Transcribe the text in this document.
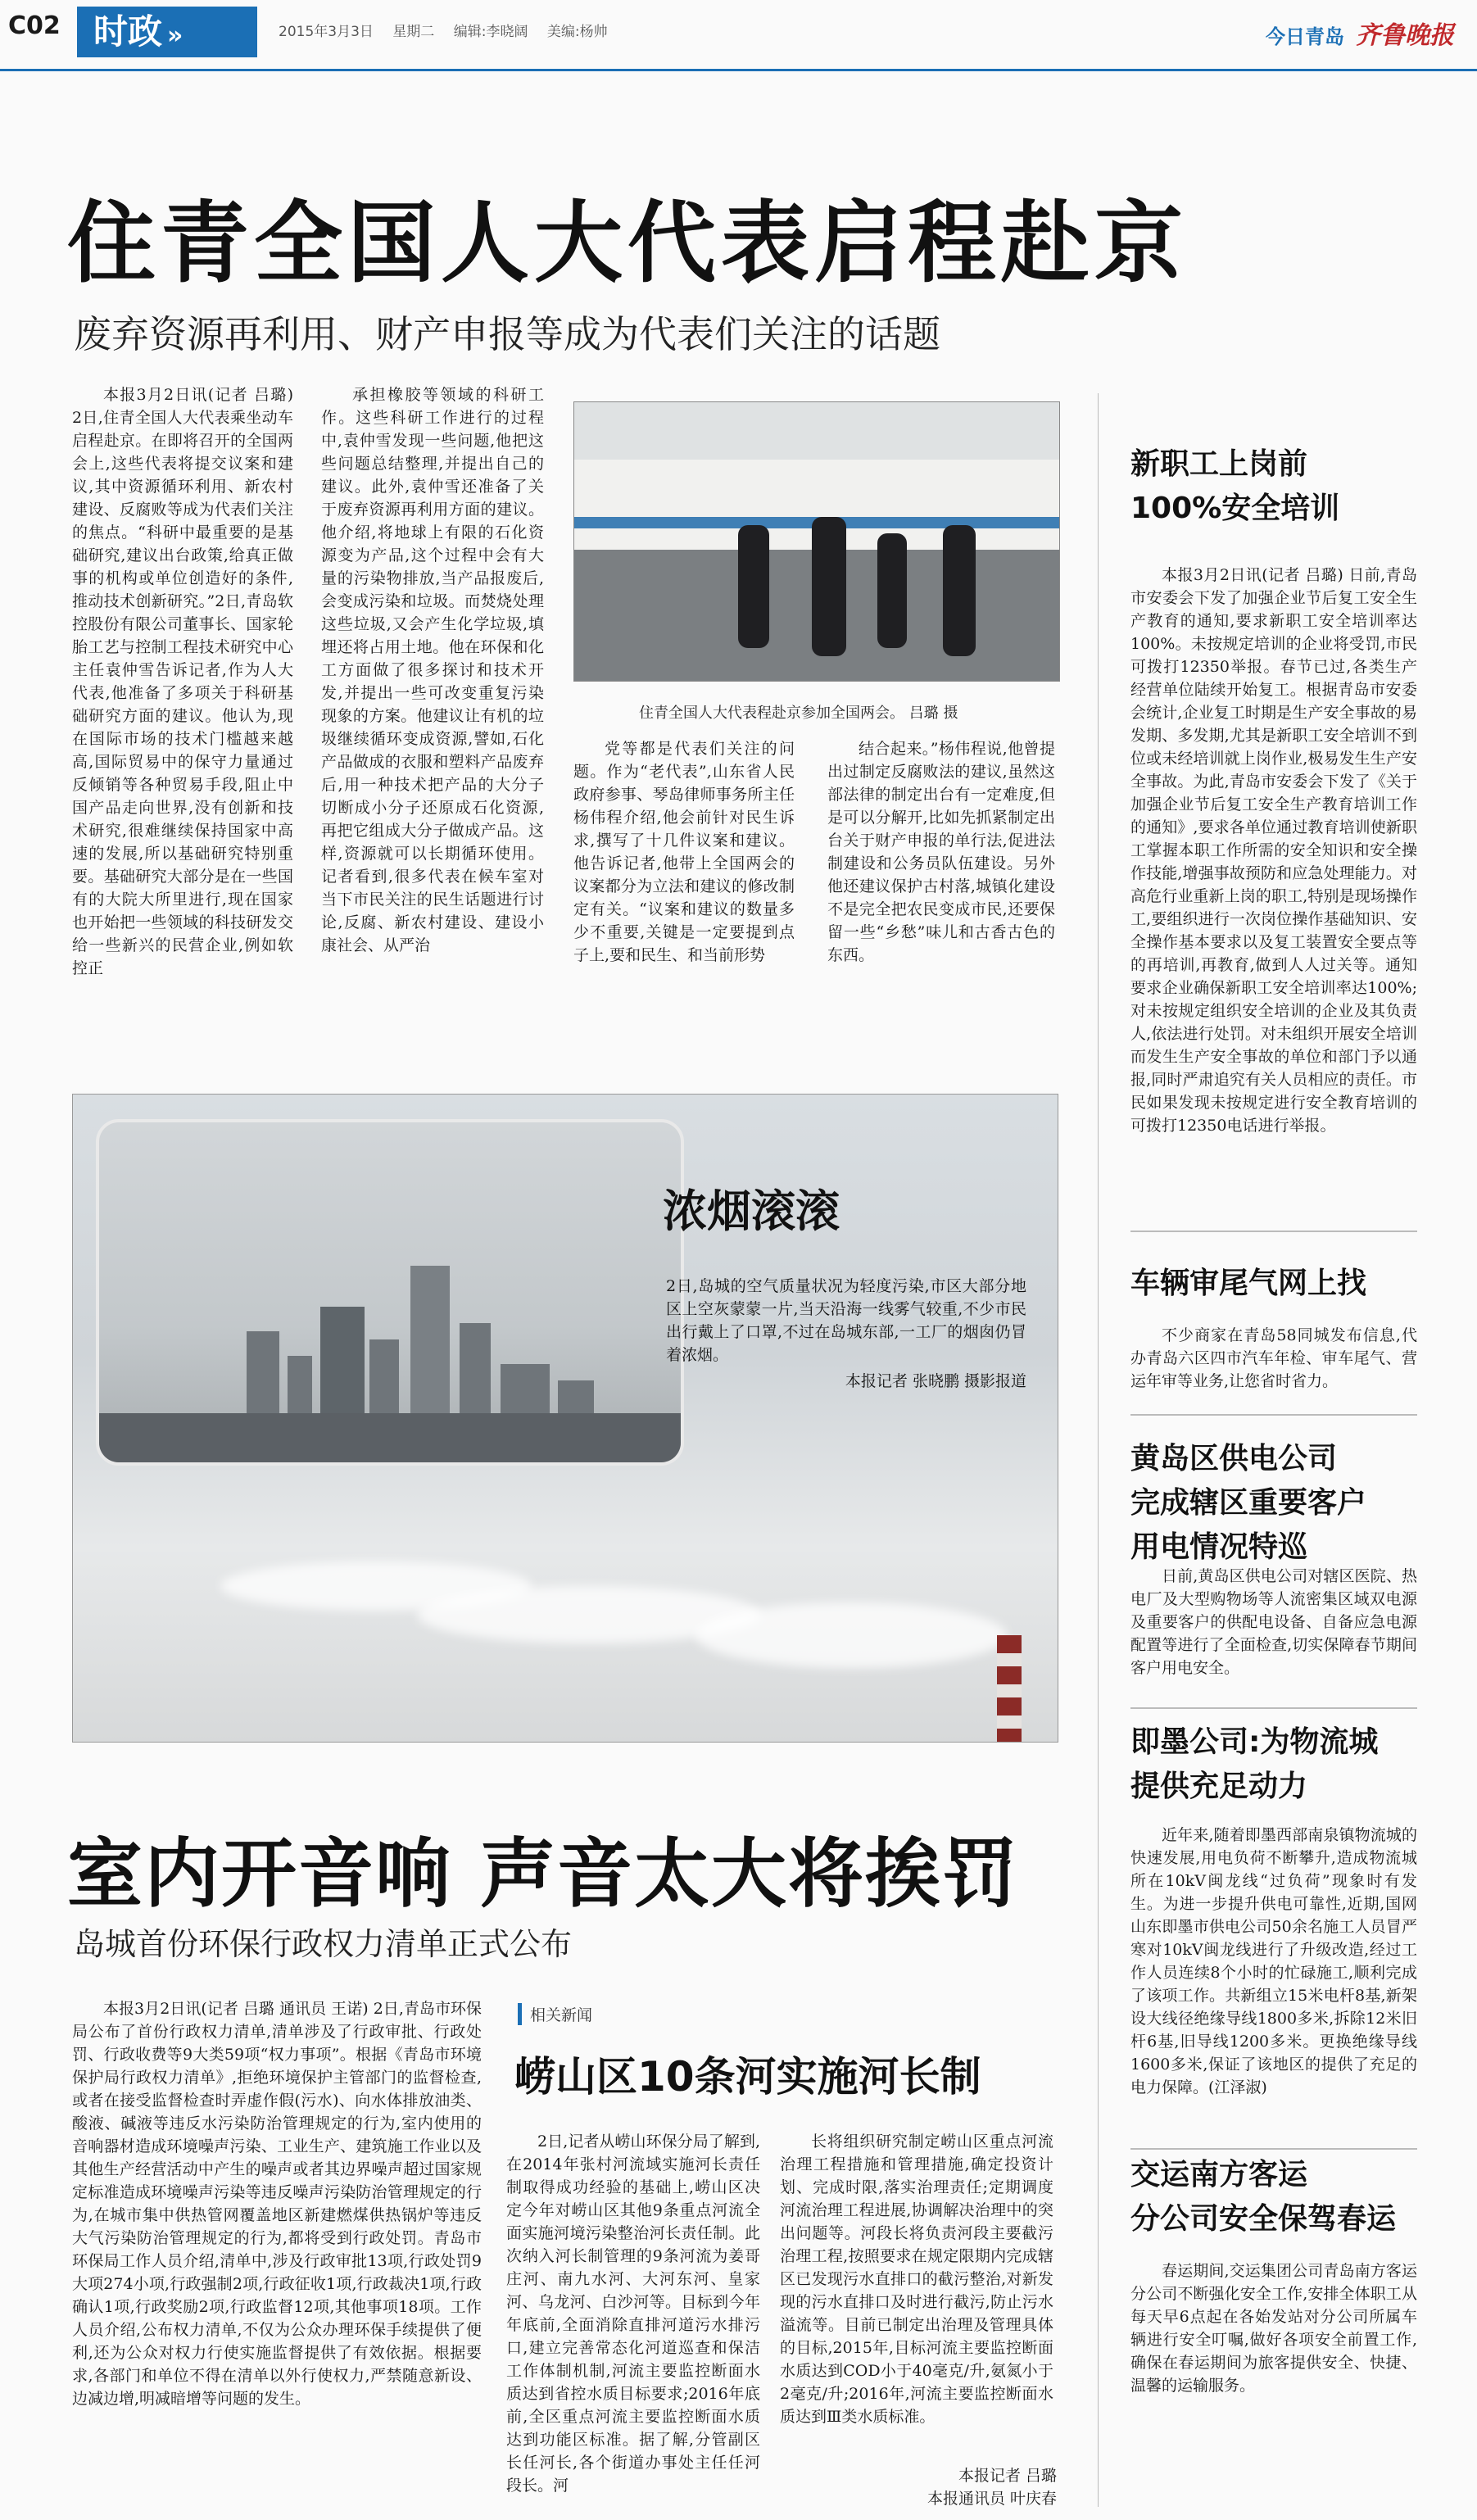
C02 时政 »	2015年3月3日 星期二 编辑:李晓阔 美编:杨帅	今日青岛 齐鲁晚报
住青全国人大代表启程赴京
废弃资源再利用、财产申报等成为代表们关注的话题

本报3月2日讯(记者 吕璐) 2日,住青全国人大代表乘坐动车启程赴京。在即将召开的全国两会上,这些代表将提交议案和建议,其中资源循环利用、新农村建设、反腐败等成为代表们关注的焦点。“科研中最重要的是基础研究,建议出台政策,给真正做事的机构或单位创造好的条件,推动技术创新研究。”2日,青岛软控股份有限公司董事长、国家轮胎工艺与控制工程技术研究中心主任袁仲雪告诉记者,作为人大代表,他准备了多项关于科研基础研究方面的建议。他认为,现在国际市场的技术门槛越来越高,国际贸易中的保守力量通过反倾销等各种贸易手段,阻止中国产品走向世界,没有创新和技术研究,很难继续保持国家中高速的发展,所以基础研究特别重要。基础研究大部分是在一些国有的大院大所里进行,现在国家也开始把一些领域的科技研发交给一些新兴的民营企业,例如软控正

承担橡胶等领域的科研工作。这些科研工作进行的过程中,袁仲雪发现一些问题,他把这些问题总结整理,并提出自己的建议。此外,袁仲雪还准备了关于废弃资源再利用方面的建议。他介绍,将地球上有限的石化资源变为产品,这个过程中会有大量的污染物排放,当产品报废后,会变成污染和垃圾。而焚烧处理这些垃圾,又会产生化学垃圾,填埋还将占用土地。他在环保和化工方面做了很多探讨和技术开发,并提出一些可改变重复污染现象的方案。他建议让有机的垃圾继续循环变成资源,譬如,石化产品做成的衣服和塑料产品废弃后,用一种技术把产品的大分子切断成小分子还原成石化资源,再把它组成大分子做成产品。这样,资源就可以长期循环使用。记者看到,很多代表在候车室对当下市民关注的民生话题进行讨论,反腐、新农村建设、建设小康社会、从严治

住青全国人大代表程赴京参加全国两会。 吕璐 摄

党等都是代表们关注的问题。作为“老代表”,山东省人民政府参事、琴岛律师事务所主任杨伟程介绍,他会前针对民生诉求,撰写了十几件议案和建议。他告诉记者,他带上全国两会的议案都分为立法和建议的修改制定有关。“议案和建议的数量多少不重要,关键是一定要提到点子上,要和民生、和当前形势

结合起来。”杨伟程说,他曾提出过制定反腐败法的建议,虽然这部法律的制定出台有一定难度,但是可以分解开,比如先抓紧制定出台关于财产申报的单行法,促进法制建设和公务员队伍建设。另外他还建议保护古村落,城镇化建设不是完全把农民变成市民,还要保留一些“乡愁”味儿和古香古色的东西。

浓烟滚滚
2日,岛城的空气质量状况为轻度污染,市区大部分地区上空灰蒙蒙一片,当天沿海一线雾气较重,不少市民出行戴上了口罩,不过在岛城东部,一工厂的烟囱仍冒着浓烟。

本报记者 张晓鹏 摄影报道
室内开音响 声音太大将挨罚
岛城首份环保行政权力清单正式公布

本报3月2日讯(记者 吕璐 通讯员 王诺) 2日,青岛市环保局公布了首份行政权力清单,清单涉及了行政审批、行政处罚、行政收费等9大类59项“权力事项”。根据《青岛市环境保护局行政权力清单》,拒绝环境保护主管部门的监督检查,或者在接受监督检查时弄虚作假(污水)、向水体排放油类、酸液、碱液等违反水污染防治管理规定的行为,室内使用的音响器材造成环境噪声污染、工业生产、建筑施工作业以及其他生产经营活动中产生的噪声或者其边界噪声超过国家规定标准造成环境噪声污染等违反噪声污染防治管理规定的行为,在城市集中供热管网覆盖地区新建燃煤供热锅炉等违反大气污染防治管理规定的行为,都将受到行政处罚。青岛市环保局工作人员介绍,清单中,涉及行政审批13项,行政处罚9大项274小项,行政强制2项,行政征收1项,行政裁决1项,行政确认1项,行政奖励2项,行政监督12项,其他事项18项。工作人员介绍,公布权力清单,不仅为公众办理环保手续提供了便利,还为公众对权力行使实施监督提供了有效依据。根据要求,各部门和单位不得在清单以外行使权力,严禁随意新设、边减边增,明减暗增等问题的发生。

相关新闻
崂山区10条河实施河长制

2日,记者从崂山环保分局了解到,在2014年张村河流域实施河长责任制取得成功经验的基础上,崂山区决定今年对崂山区其他9条重点河流全面实施河境污染整治河长责任制。此次纳入河长制管理的9条河流为姜哥庄河、南九水河、大河东河、皇家河、乌龙河、白沙河等。目标到今年年底前,全面消除直排河道污水排污口,建立完善常态化河道巡查和保洁工作体制机制,河流主要监控断面水质达到省控水质目标要求;2016年底前,全区重点河流主要监控断面水质达到功能区标准。据了解,分管副区长任河长,各个街道办事处主任任河段长。河

长将组织研究制定崂山区重点河流治理工程措施和管理措施,确定投资计划、完成时限,落实治理责任;定期调度河流治理工程进展,协调解决治理中的突出问题等。河段长将负责河段主要截污治理工程,按照要求在规定限期内完成辖区已发现污水直排口的截污整治,对新发现的污水直排口及时进行截污,防止污水溢流等。目前已制定出治理及管理具体的目标,2015年,目标河流主要监控断面水质达到COD小于40毫克/升,氨氮小于2毫克/升;2016年,河流主要监控断面水质达到Ⅲ类水质标准。

本报记者 吕璐
本报通讯员 叶庆春
新职工上岗前
100%安全培训

本报3月2日讯(记者 吕璐) 日前,青岛市安委会下发了加强企业节后复工安全生产教育的通知,要求新职工安全培训率达100%。未按规定培训的企业将受罚,市民可拨打12350举报。春节已过,各类生产经营单位陆续开始复工。根据青岛市安委会统计,企业复工时期是生产安全事故的易发期、多发期,尤其是新职工安全培训不到位或未经培训就上岗作业,极易发生生产安全事故。为此,青岛市安委会下发了《关于加强企业节后复工安全生产教育培训工作的通知》,要求各单位通过教育培训使新职工掌握本职工作所需的安全知识和安全操作技能,增强事故预防和应急处理能力。对高危行业重新上岗的职工,特别是现场操作工,要组织进行一次岗位操作基础知识、安全操作基本要求以及复工装置安全要点等的再培训,再教育,做到人人过关等。通知要求企业确保新职工安全培训率达100%;对未按规定组织安全培训的企业及其负责人,依法进行处罚。对未组织开展安全培训而发生生产安全事故的单位和部门予以通报,同时严肃追究有关人员相应的责任。市民如果发现未按规定进行安全教育培训的可拨打12350电话进行举报。

车辆审尾气网上找

不少商家在青岛58同城发布信息,代办青岛六区四市汽车年检、审车尾气、营运年审等业务,让您省时省力。

黄岛区供电公司
完成辖区重要客户
用电情况特巡

日前,黄岛区供电公司对辖区医院、热电厂及大型购物场等人流密集区域双电源及重要客户的供配电设备、自备应急电源配置等进行了全面检查,切实保障春节期间客户用电安全。

即墨公司:为物流城
提供充足动力

近年来,随着即墨西部南泉镇物流城的快速发展,用电负荷不断攀升,造成物流城所在10kV闽龙线“过负荷”现象时有发生。为进一步提升供电可靠性,近期,国网山东即墨市供电公司50余名施工人员冒严寒对10kV闽龙线进行了升级改造,经过工作人员连续8个小时的忙碌施工,顺利完成了该项工作。共新组立15米电杆8基,新架设大线径绝缘导线1800多米,拆除12米旧杆6基,旧导线1200多米。更换绝缘导线1600多米,保证了该地区的提供了充足的电力保障。(江泽淑)

交运南方客运
分公司安全保驾春运

春运期间,交运集团公司青岛南方客运分公司不断强化安全工作,安排全体职工从每天早6点起在各始发站对分公司所属车辆进行安全叮嘱,做好各项安全前置工作,确保在春运期间为旅客提供安全、快捷、温馨的运输服务。
